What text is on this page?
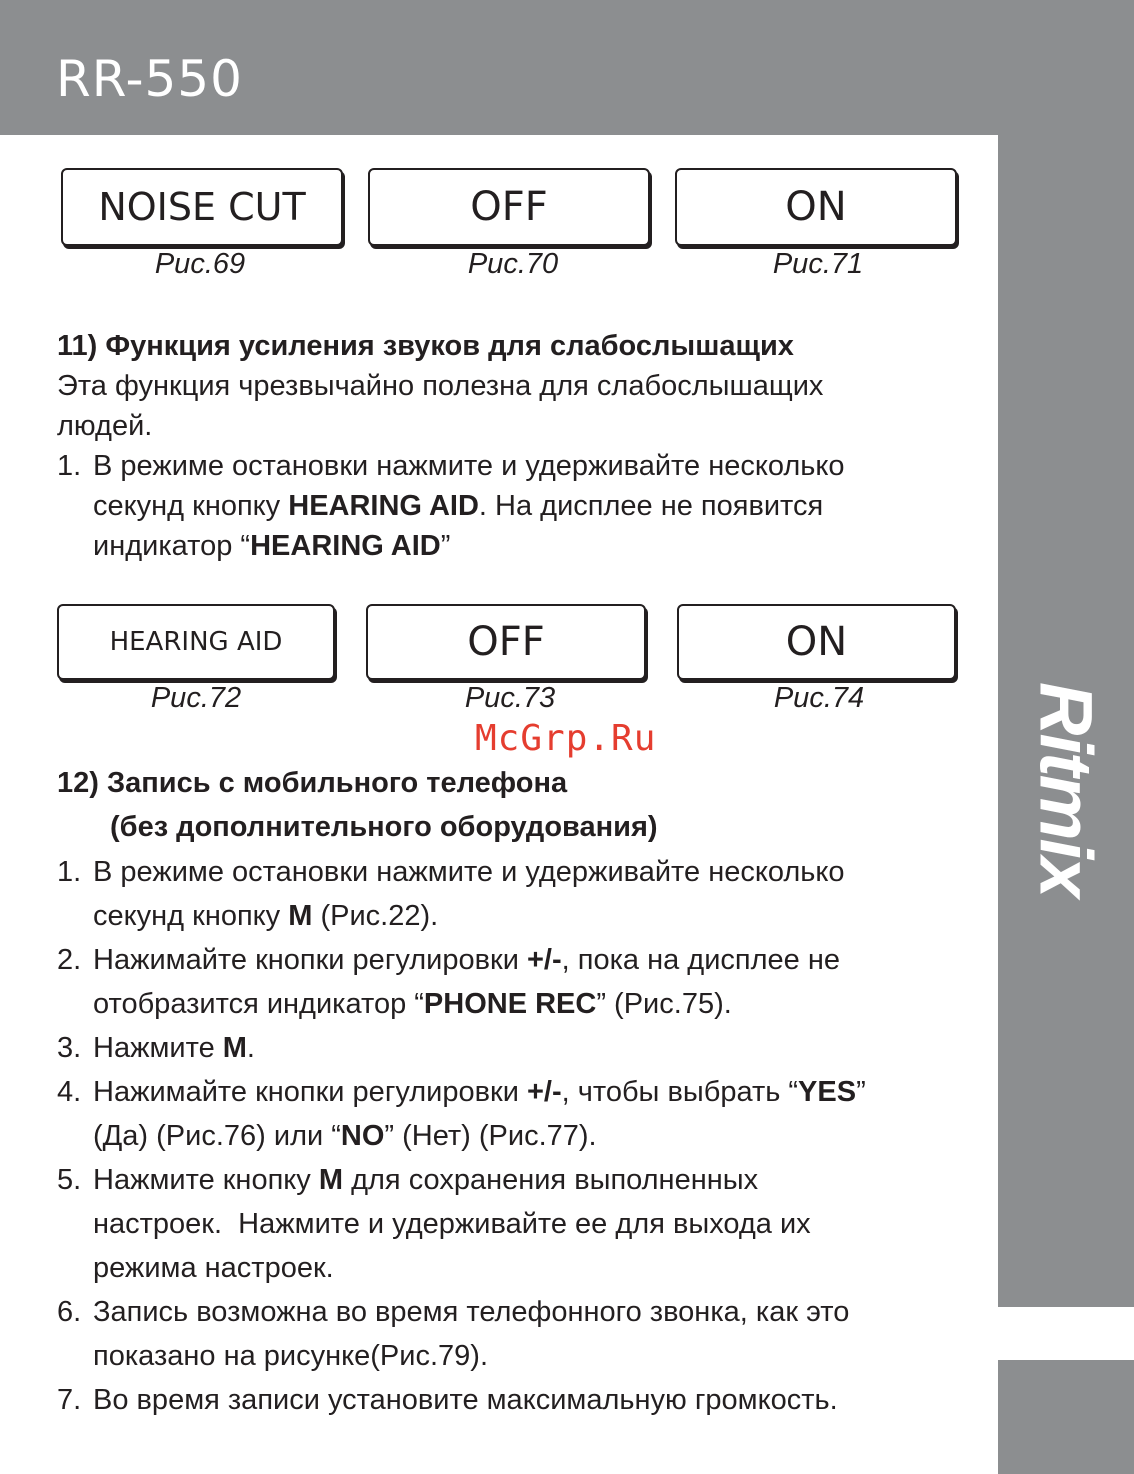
RR-550
Ritmix
NOISE CUT	OFF	ON
Рис.69	Рис.70	Рис.71
11) Функция усиления звуков для слабослышащих
Эта функция чрезвычайно полезна для слабослышащих
людей.
1. В режиме остановки нажмите и удерживайте несколько
секунд кнопку HEARING AID. На дисплее не появится
индикатор “HEARING AID”
HEARING AID	OFF	ON
Рис.72	Рис.73	Рис.74
McGrp.Ru
12) Запись с мобильного телефона
(без дополнительного оборудования)
1. В режиме остановки нажмите и удерживайте несколько
секунд кнопку M (Рис.22).
2. Нажимайте кнопки регулировки +/-, пока на дисплее не
отобразится индикатор “PHONE REC” (Рис.75).
3. Нажмите M.
4. Нажимайте кнопки регулировки +/-, чтобы выбрать “YES”
(Да) (Рис.76) или “NO” (Нет) (Рис.77).
5. Нажмите кнопку M для сохранения выполненных
настроек.  Нажмите и удерживайте ее для выхода их
режима настроек.
6. Запись возможна во время телефонного звонка, как это
показано на рисунке(Рис.79).
7. Во время записи установите максимальную громкость.
